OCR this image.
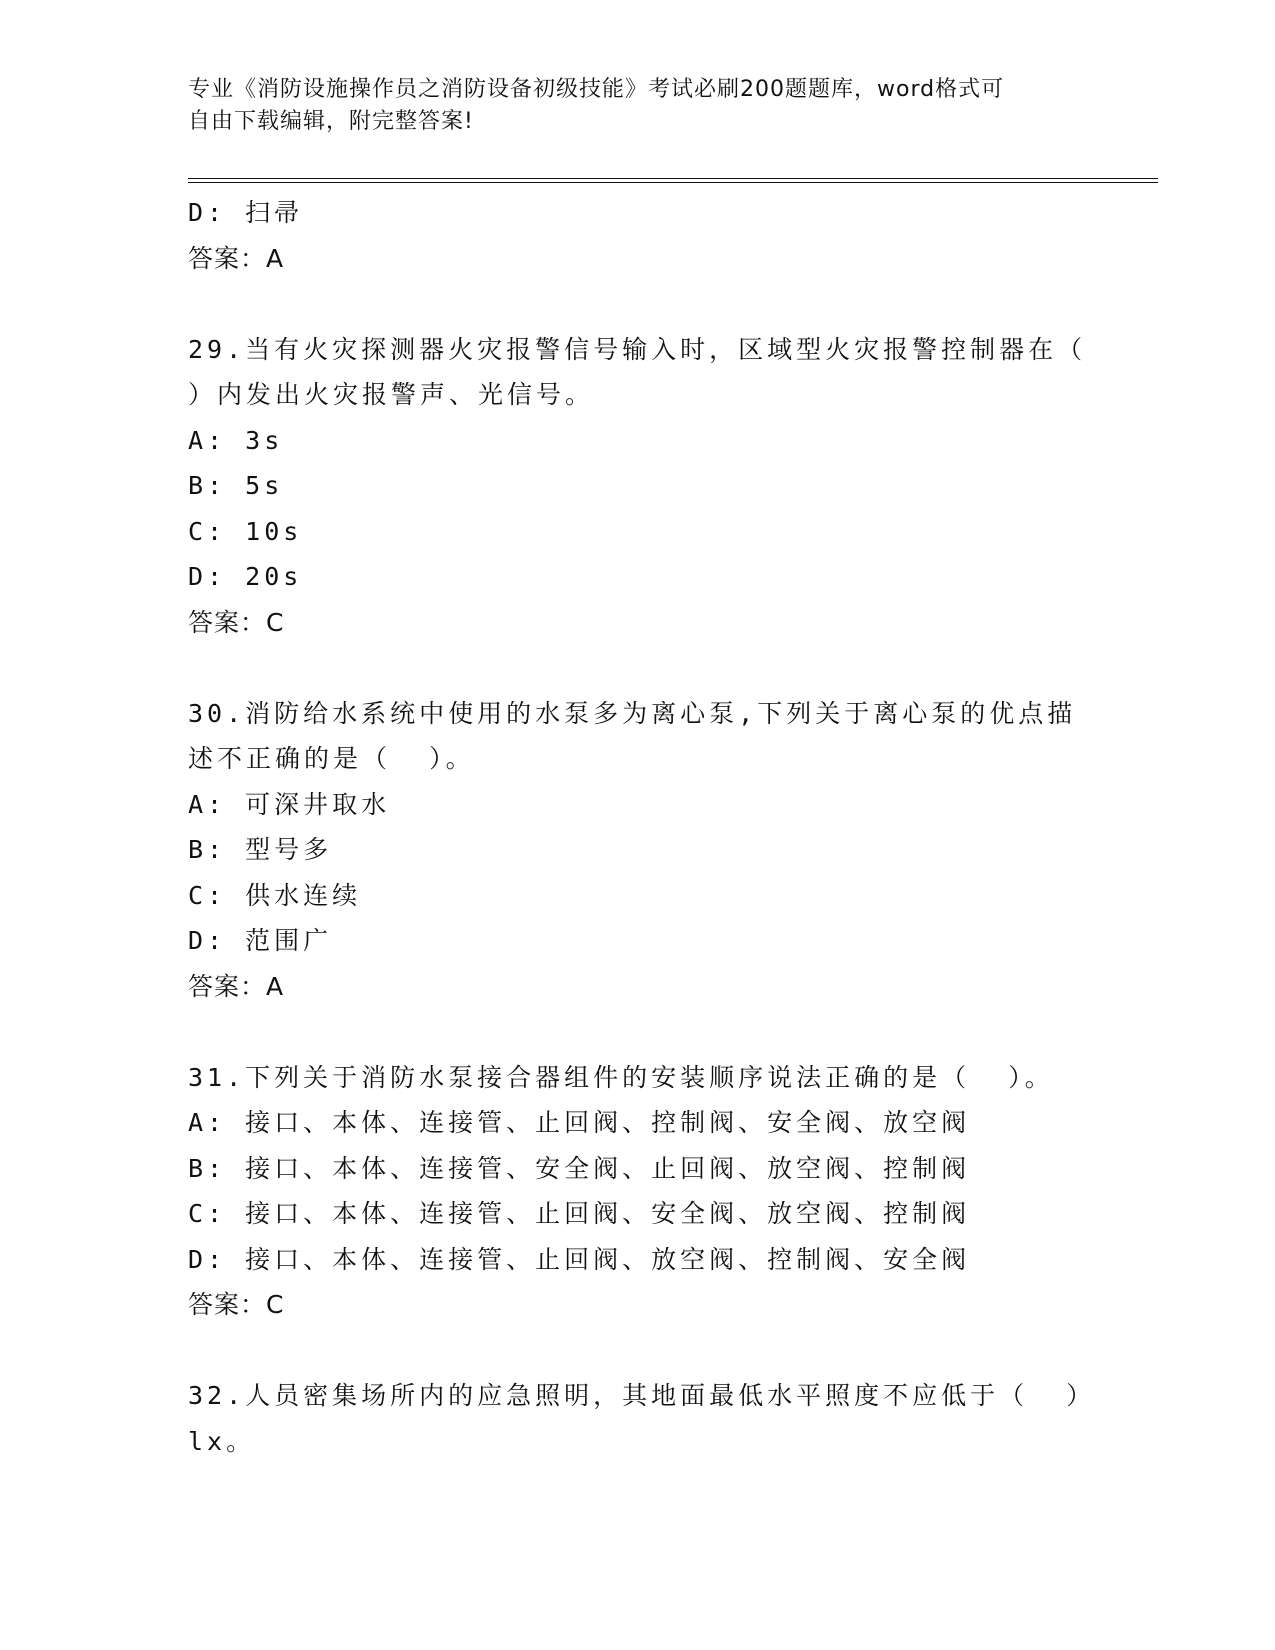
专业《消防设施操作员之消防设备初级技能》考试必刷200题题库，word格式可
自由下载编辑，附完整答案!
D: 扫帚
答案：A
29.当有火灾探测器火灾报警信号输入时，区域型火灾报警控制器在（
）内发出火灾报警声、光信号。
A: 3s
B: 5s
C: 10s
D: 20s
答案：C
30.消防给水系统中使用的水泵多为离心泵,下列关于离心泵的优点描
述不正确的是（  ）。
A: 可深井取水
B: 型号多
C: 供水连续
D: 范围广
答案：A
31.下列关于消防水泵接合器组件的安装顺序说法正确的是（  ）。
A: 接口、本体、连接管、止回阀、控制阀、安全阀、放空阀
B: 接口、本体、连接管、安全阀、止回阀、放空阀、控制阀
C: 接口、本体、连接管、止回阀、安全阀、放空阀、控制阀
D: 接口、本体、连接管、止回阀、放空阀、控制阀、安全阀
答案：C
32.人员密集场所内的应急照明，其地面最低水平照度不应低于（  ）
lx。
